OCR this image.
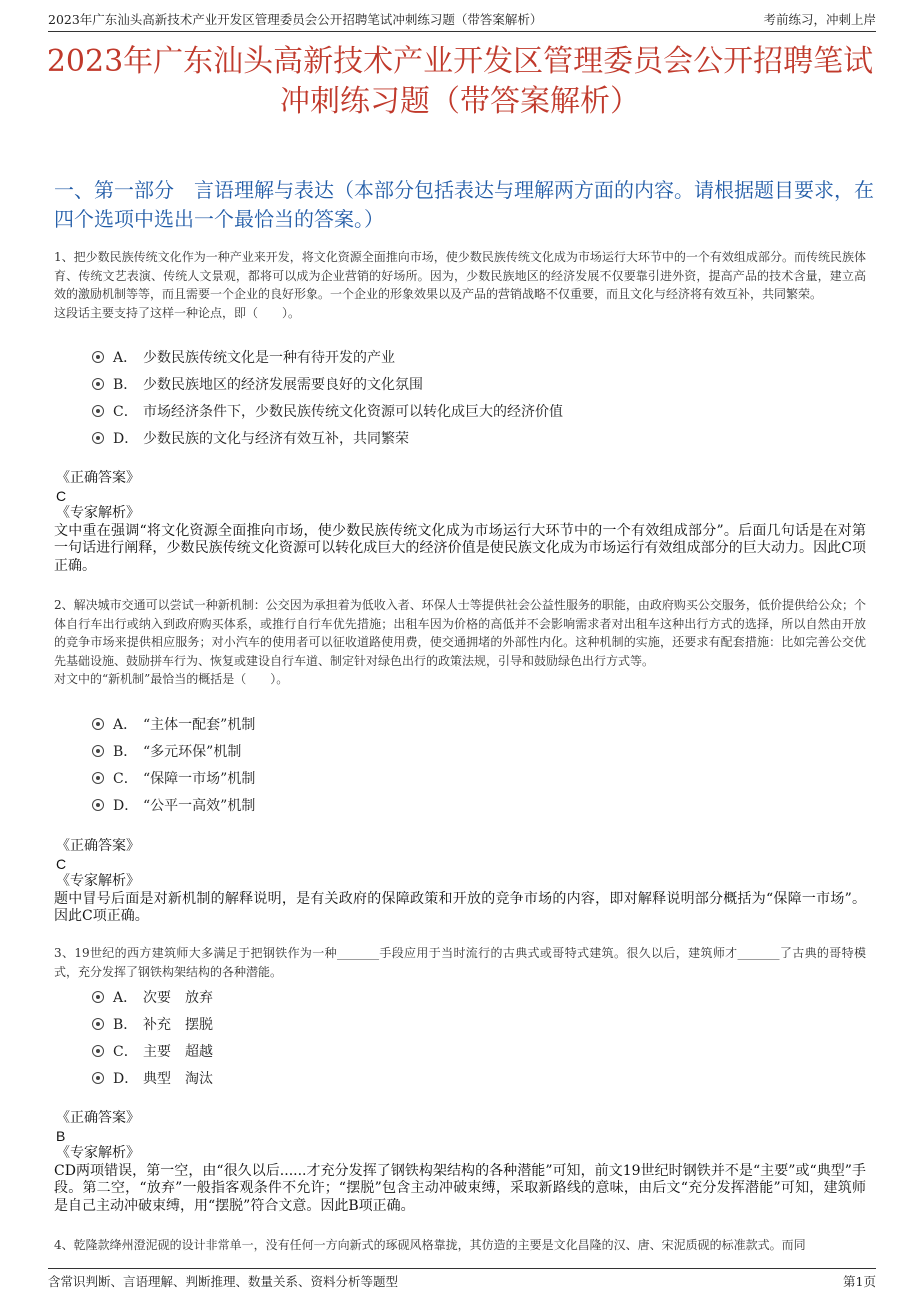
2023年广东汕头高新技术产业开发区管理委员会公开招聘笔试冲刺练习题（带答案解析）	考前练习，冲刺上岸
2023年广东汕头高新技术产业开发区管理委员会公开招聘笔试
冲刺练习题（带答案解析）
一、第一部分　言语理解与表达（本部分包括表达与理解两方面的内容。请根据题目要求，在四个选项中选出一个最恰当的答案。）

1、把少数民族传统文化作为一种产业来开发，将文化资源全面推向市场，使少数民族传统文化成为市场运行大环节中的一个有效组成部分。而传统民族体育、传统文艺表演、传统人文景观，都将可以成为企业营销的好场所。因为，少数民族地区的经济发展不仅要靠引进外资，提高产品的技术含量，建立高效的激励机制等等，而且需要一个企业的良好形象。一个企业的形象效果以及产品的营销战略不仅重要，而且文化与经济将有效互补，共同繁荣。

这段话主要支持了这样一种论点，即（　　）。

A． 少数民族传统文化是一种有待开发的产业
B． 少数民族地区的经济发展需要良好的文化氛围
C． 市场经济条件下，少数民族传统文化资源可以转化成巨大的经济价值
D． 少数民族的文化与经济有效互补，共同繁荣
《正确答案》
C
《专家解析》
文中重在强调“将文化资源全面推向市场，使少数民族传统文化成为市场运行大环节中的一个有效组成部分”。后面几句话是在对第一句话进行阐释，少数民族传统文化资源可以转化成巨大的经济价值是使民族文化成为市场运行有效组成部分的巨大动力。因此C项正确。

2、解决城市交通可以尝试一种新机制：公交因为承担着为低收入者、环保人士等提供社会公益性服务的职能，由政府购买公交服务，低价提供给公众；个体自行车出行或纳入到政府购买体系，或推行自行车优先措施；出租车因为价格的高低并不会影响需求者对出租车这种出行方式的选择，所以自然由开放的竞争市场来提供相应服务；对小汽车的使用者可以征收道路使用费，使交通拥堵的外部性内化。这种机制的实施，还要求有配套措施：比如完善公交优先基础设施、鼓励拼车行为、恢复或建设自行车道、制定针对绿色出行的政策法规，引导和鼓励绿色出行方式等。

对文中的“新机制”最恰当的概括是（　　）。

A． “主体一配套”机制
B． “多元环保”机制
C． “保障一市场”机制
D． “公平一高效”机制
《正确答案》
C
《专家解析》
题中冒号后面是对新机制的解释说明，是有关政府的保障政策和开放的竞争市场的内容，即对解释说明部分概括为“保障一市场”。因此C项正确。

3、19世纪的西方建筑师大多满足于把钢铁作为一种_______手段应用于当时流行的古典式或哥特式建筑。很久以后，建筑师才_______了古典的哥特模式，充分发挥了钢铁构架结构的各种潜能。

A． 次要　放弃
B． 补充　摆脱
C． 主要　超越
D． 典型　淘汰
《正确答案》
B
《专家解析》
CD两项错误，第一空，由“很久以后......才充分发挥了钢铁构架结构的各种潜能”可知，前文19世纪时钢铁并不是“主要”或“典型”手段。第二空，“放弃”一般指客观条件不允许；“摆脱”包含主动冲破束缚，采取新路线的意味，由后文“充分发挥潜能”可知，建筑师是自己主动冲破束缚，用“摆脱”符合文意。因此B项正确。

4、乾隆款绛州澄泥砚的设计非常单一，没有任何一方向新式的琢砚风格靠拢，其仿造的主要是文化昌隆的汉、唐、宋泥质砚的标准款式。而同

含常识判断、言语理解、判断推理、数量关系、资料分析等题型	第1页
